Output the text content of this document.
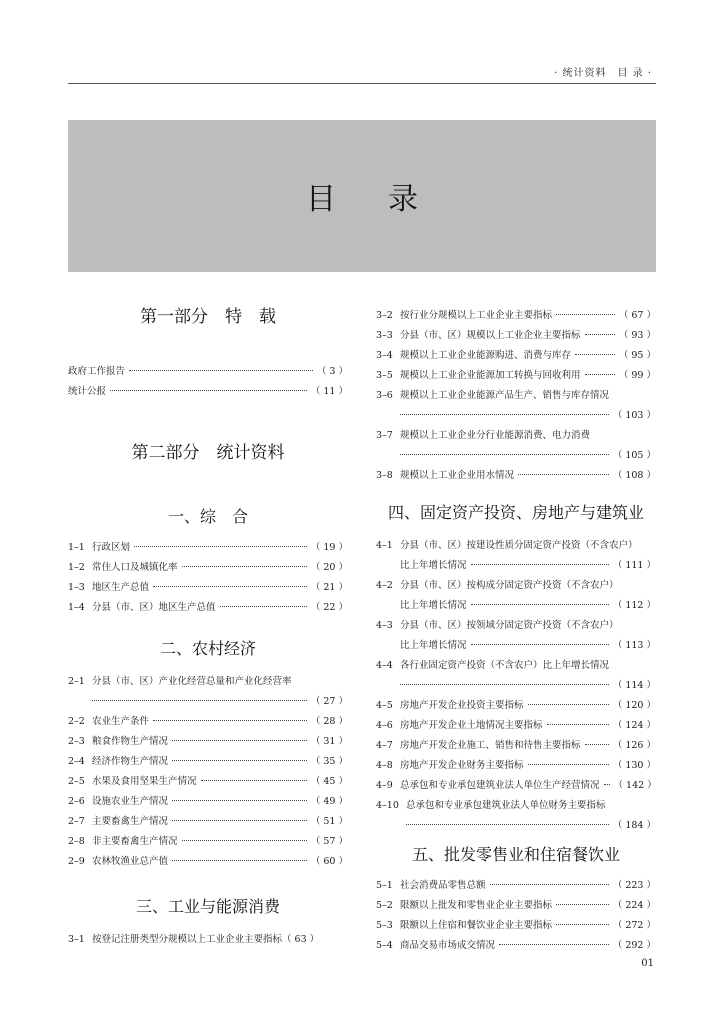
· 统计资料　目 录 ·
目录
第一部分　特　载
政府工作报告	（ 3 ）
统计公报	（ 11 ）
第二部分　统计资料
一、综　合
1–1 行政区划	（ 19 ）
1–2 常住人口及城镇化率	（ 20 ）
1–3 地区生产总值	（ 21 ）
1–4 分县（市、区）地区生产总值	（ 22 ）
二、农村经济
2–1 分县（市、区）产业化经营总量和产业化经营率
（ 27 ）
2–2 农业生产条件	（ 28 ）
2–3 粮食作物生产情况	（ 31 ）
2–4 经济作物生产情况	（ 35 ）
2–5 水果及食用坚果生产情况	（ 45 ）
2–6 设施农业生产情况	（ 49 ）
2–7 主要畜禽生产情况	（ 51 ）
2–8 非主要畜禽生产情况	（ 57 ）
2–9 农林牧渔业总产值	（ 60 ）
三、工业与能源消费
3–1 按登记注册类型分规模以上工业企业主要指标 （ 63 ）
3–2 按行业分规模以上工业企业主要指标	（ 67 ）
3–3 分县（市、区）规模以上工业企业主要指标	（ 93 ）
3–4 规模以上工业企业能源购进、消费与库存	（ 95 ）
3–5 规模以上工业企业能源加工转换与回收利用	（ 99 ）
3–6 规模以上工业企业能源产品生产、销售与库存情况
（ 103 ）
3–7 规模以上工业企业分行业能源消费、电力消费
（ 105 ）
3–8 规模以上工业企业用水情况	（ 108 ）
四、固定资产投资、房地产与建筑业
4–1 分县（市、区）按建设性质分固定资产投资（不含农户）
比上年增长情况	（ 111 ）
4–2 分县（市、区）按构成分固定资产投资（不含农户）
比上年增长情况	（ 112 ）
4–3 分县（市、区）按领域分固定资产投资（不含农户）
比上年增长情况	（ 113 ）
4–4 各行业固定资产投资（不含农户）比上年增长情况
（ 114 ）
4–5 房地产开发企业投资主要指标	（ 120 ）
4–6 房地产开发企业土地情况主要指标	（ 124 ）
4–7 房地产开发企业施工、销售和待售主要指标	（ 126 ）
4–8 房地产开发企业财务主要指标	（ 130 ）
4–9 总承包和专业承包建筑业法人单位生产经营情况 （ 142 ）
4–10 总承包和专业承包建筑业法人单位财务主要指标
（ 184 ）
五、批发零售业和住宿餐饮业
5–1 社会消费品零售总额	（ 223 ）
5–2 限额以上批发和零售业企业主要指标	（ 224 ）
5–3 限额以上住宿和餐饮业企业主要指标	（ 272 ）
5–4 商品交易市场成交情况	（ 292 ）
01
